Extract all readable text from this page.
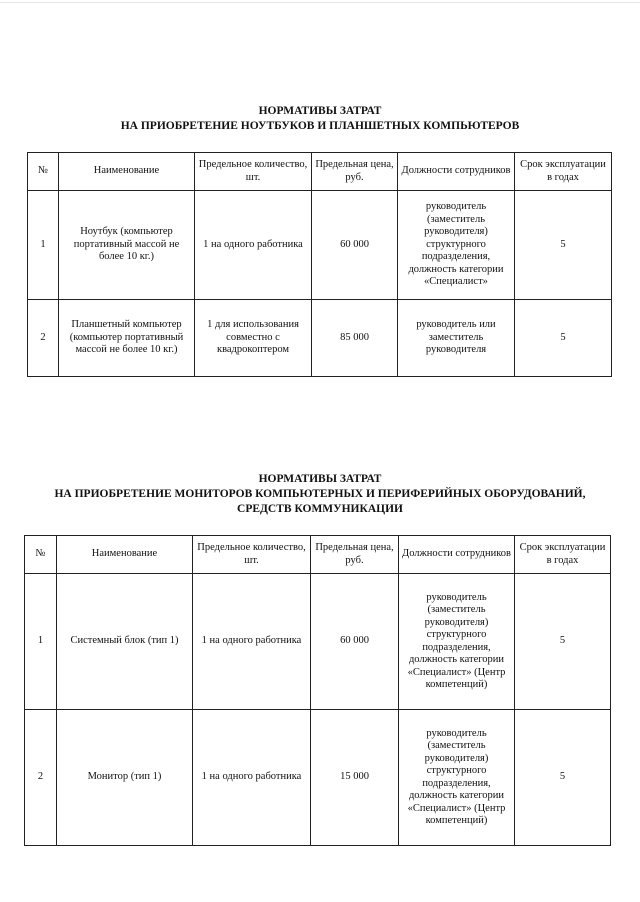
НОРМАТИВЫ ЗАТРАТ
НА ПРИОБРЕТЕНИЕ НОУТБУКОВ И ПЛАНШЕТНЫХ КОМПЬЮТЕРОВ
№	Наименование	Предельное количество, шт.	Предельная цена, руб.	Должности сотрудников	Срок эксплуатации в годах
1	Ноутбук (компьютер портативный массой не более 10 кг.)	1 на одного работника	60 000	руководитель (заместитель руководителя) структурного подразделения, должность категории «Специалист»	5
2	Планшетный компьютер (компьютер портативный массой не более 10 кг.)	1 для использования совместно с квадрокоптером	85 000	руководитель или заместитель руководителя	5
НОРМАТИВЫ ЗАТРАТ
НА ПРИОБРЕТЕНИЕ МОНИТОРОВ КОМПЬЮТЕРНЫХ И ПЕРИФЕРИЙНЫХ ОБОРУДОВАНИЙ,
СРЕДСТВ КОММУНИКАЦИИ
№	Наименование	Предельное количество, шт.	Предельная цена, руб.	Должности сотрудников	Срок эксплуатации в годах
1	Системный блок (тип 1)	1 на одного работника	60 000	руководитель (заместитель руководителя) структурного подразделения, должность категории «Специалист» (Центр компетенций)	5
2	Монитор (тип 1)	1 на одного работника	15 000	руководитель (заместитель руководителя) структурного подразделения, должность категории «Специалист» (Центр компетенций)	5
